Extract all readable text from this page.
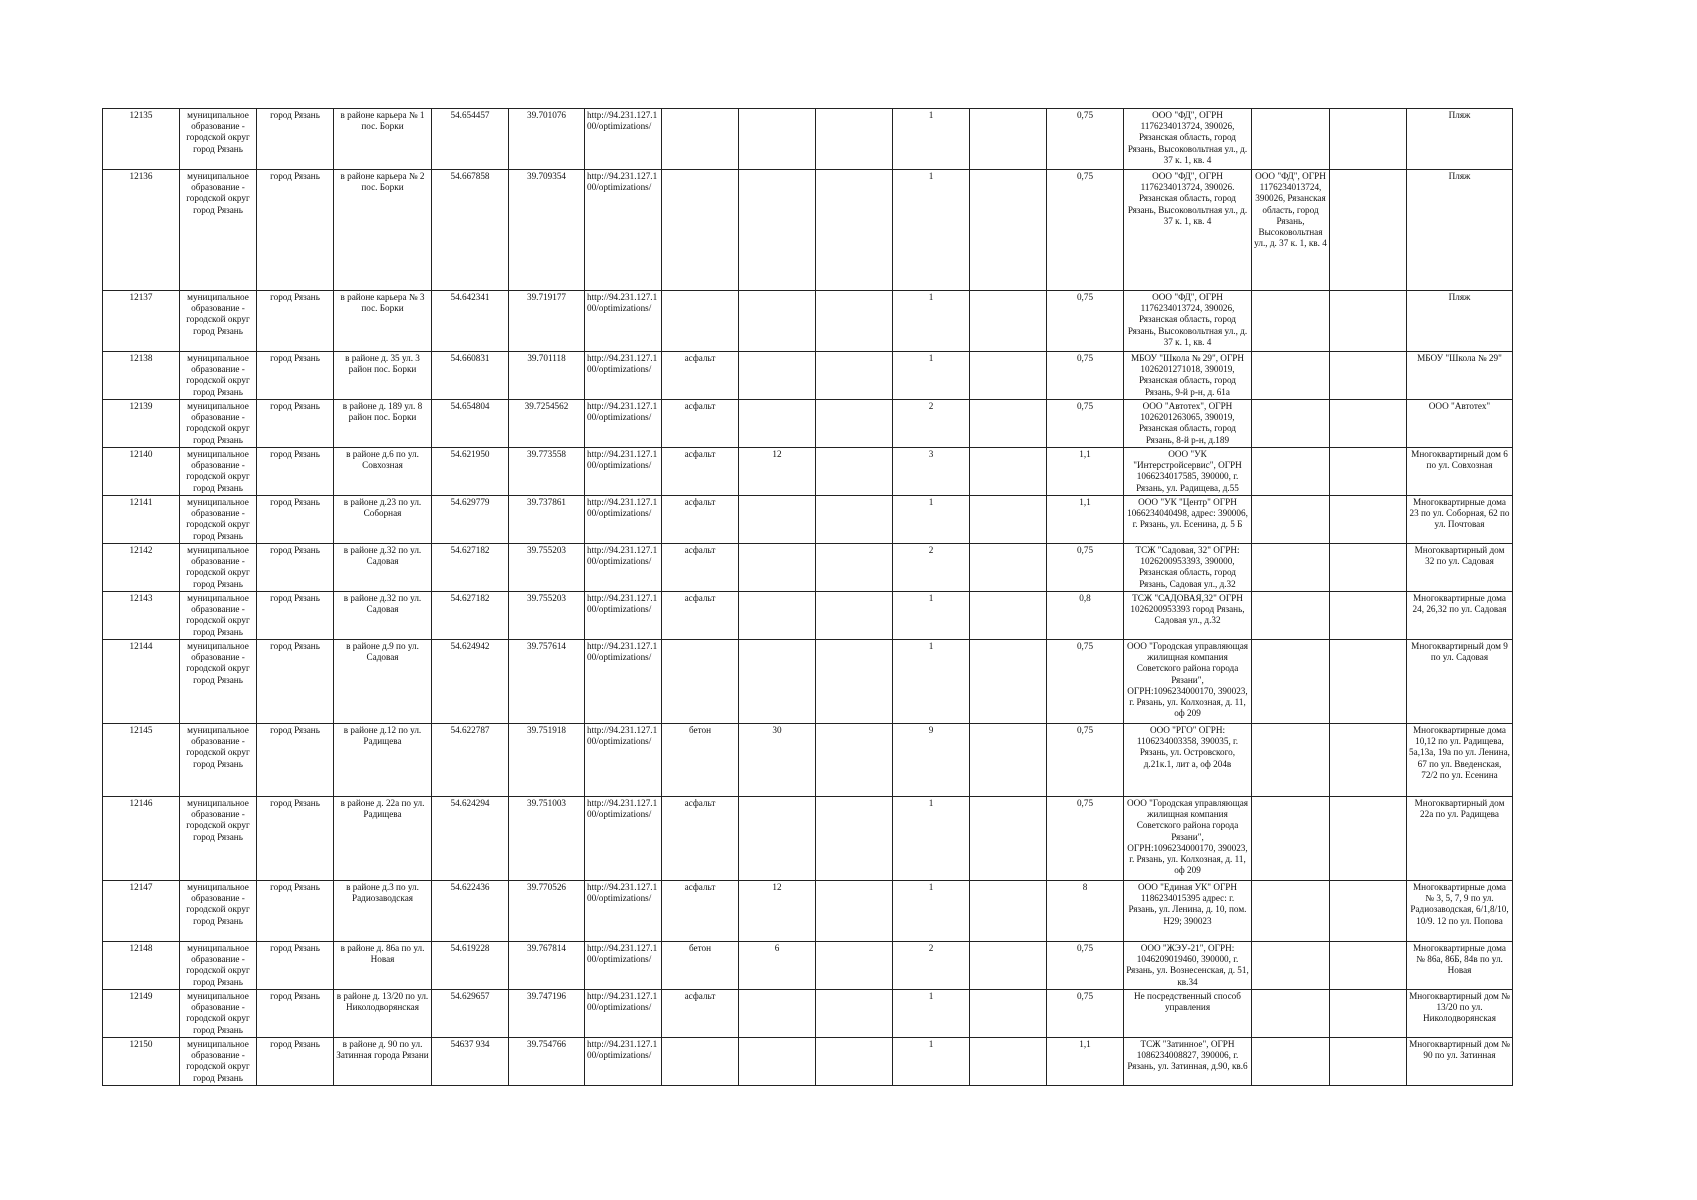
12135	муниципальное образование - городской округ город Рязань	город Рязань	в районе карьера № 1 пос. Борки	54.654457	39.701076	http://94.231.127.100/optimizations/				1		0,75	ООО "ФД", ОГРН 1176234013724, 390026, Рязанская область, город Рязань, Высоковольтная ул., д. 37 к. 1, кв. 4			Пляж
12136	муниципальное образование - городской округ город Рязань	город Рязань	в районе карьера № 2 пос. Борки	54.667858	39.709354	http://94.231.127.100/optimizations/				1		0,75	ООО "ФД", ОГРН 1176234013724, 390026. Рязанская область, город Рязань, Высоковольтная ул., д. 37 к. 1, кв. 4	ООО "ФД", ОГРН 1176234013724, 390026, Рязанская область, город Рязань, Высоковольтная ул., д. 37 к. 1, кв. 4		Пляж
12137	муниципальное образование - городской округ город Рязань	город Рязань	в районе карьера № 3 пос. Борки	54.642341	39.719177	http://94.231.127.100/optimizations/				1		0,75	ООО "ФД", ОГРН 1176234013724, 390026, Рязанская область, город Рязань, Высоковольтная ул., д. 37 к. 1, кв. 4			Пляж
12138	муниципальное образование - городской округ город Рязань	город Рязань	в районе д. 35 ул. 3 район пос. Борки	54.660831	39.701118	http://94.231.127.100/optimizations/	асфальт			1		0,75	МБОУ "Школа № 29", ОГРН 1026201271018, 390019, Рязанская область, город Рязань, 9-й р-н, д. 61а			МБОУ "Школа № 29"
12139	муниципальное образование - городской округ город Рязань	город Рязань	в районе д. 189 ул. 8 район пос. Борки	54.654804	39.7254562	http://94.231.127.100/optimizations/	асфальт			2		0,75	ООО "Автотех", ОГРН 1026201263065, 390019, Рязанская область, город Рязань, 8-й р-н, д.189			ООО "Автотех"
12140	муниципальное образование - городской округ город Рязань	город Рязань	в районе д.6 по ул. Совхозная	54.621950	39.773558	http://94.231.127.100/optimizations/	асфальт	12		3		1,1	ООО "УК "Интерстройсервис", ОГРН 1066234017585, 390000, г. Рязань, ул. Радищева, д.55			Многоквартирный дом 6 по ул. Совхозная
12141	муниципальное образование - городской округ город Рязань	город Рязань	в районе д.23 по ул. Соборная	54.629779	39.737861	http://94.231.127.100/optimizations/	асфальт			1		1,1	ООО "УК "Центр" ОГРН 1066234040498, адрес: 390006, г. Рязань, ул. Есенина, д. 5 Б			Многоквартирные дома 23 по ул. Соборная, 62 по ул. Почтовая
12142	муниципальное образование - городской округ город Рязань	город Рязань	в районе д.32 по ул. Садовая	54.627182	39.755203	http://94.231.127.100/optimizations/	асфальт			2		0,75	ТСЖ "Садовая, 32" ОГРН: 1026200953393, 390000, Рязанская область, город Рязань, Садовая ул., д.32			Многоквартирный дом 32 по ул. Садовая
12143	муниципальное образование - городской округ город Рязань	город Рязань	в районе д.32 по ул. Садовая	54.627182	39.755203	http://94.231.127.100/optimizations/	асфальт			1		0,8	ТСЖ "САДОВАЯ,32" ОГРН 1026200953393 город Рязань, Садовая ул., д.32			Многоквартирные дома 24, 26,32 по ул. Садовая
12144	муниципальное образование - городской округ город Рязань	город Рязань	в районе д.9 по ул. Садовая	54.624942	39.757614	http://94.231.127.100/optimizations/				1		0,75	ООО "Городская управляющая жилищная компания Советского района города Рязани", ОГРН:1096234000170, 390023, г. Рязань, ул. Колхозная, д. 11, оф 209			Многоквартирный дом 9 по ул. Садовая
12145	муниципальное образование - городской округ город Рязань	город Рязань	в районе д.12 по ул. Радищева	54.622787	39.751918	http://94.231.127.100/optimizations/	бетон	30		9		0,75	ООО "РГО" ОГРН: 1106234003358, 390035, г. Рязань, ул. Островского, д.21к.1, лит а, оф 204в			Многоквартирные дома 10,12 по ул. Радищева, 5а,13а, 19а по ул. Ленина, 67 по ул. Введенская, 72/2 по ул. Есенина
12146	муниципальное образование - городской округ город Рязань	город Рязань	в районе д. 22а по ул. Радищева	54.624294	39.751003	http://94.231.127.100/optimizations/	асфальт			1		0,75	ООО "Городская управляющая жилищная компания Советского района города Рязани", ОГРН:1096234000170, 390023, г. Рязань, ул. Колхозная, д. 11, оф 209			Многоквартирный дом 22а по ул. Радищева
12147	муниципальное образование - городской округ город Рязань	город Рязань	в районе д.3 по ул. Радиозаводская	54.622436	39.770526	http://94.231.127.100/optimizations/	асфальт	12		1		8	ООО "Единая УК" ОГРН 1186234015395 адрес: г. Рязань, ул. Ленина, д. 10, пом. Н29; 390023			Многоквартирные дома № 3, 5, 7, 9 по ул. Радиозаводская, 6/1,8/10, 10/9. 12 по ул. Попова
12148	муниципальное образование - городской округ город Рязань	город Рязань	в районе д. 86а по ул. Новая	54.619228	39.767814	http://94.231.127.100/optimizations/	бетон	6		2		0,75	ООО "ЖЭУ-21", ОГРН: 1046209019460, 390000, г. Рязань, ул. Вознесенская, д. 51, кв.34			Многоквартирные дома № 86а, 86Б, 84в по ул. Новая
12149	муниципальное образование - городской округ город Рязань	город Рязань	в районе д. 13/20 по ул. Николодворянская	54.629657	39.747196	http://94.231.127.100/optimizations/	асфальт			1		0,75	Не посредственный способ управления			Многоквартирный дом № 13/20 по ул. Николодворянская
12150	муниципальное образование - городской округ город Рязань	город Рязань	в районе д. 90 по ул. Затинная города Рязани	54637 934	39.754766	http://94.231.127.100/optimizations/				1		1,1	ТСЖ "Затинное", ОГРН 1086234008827, 390006, г. Рязань, ул. Затинная, д.90, кв.6			Многоквартирный дом № 90 по ул. Затинная
